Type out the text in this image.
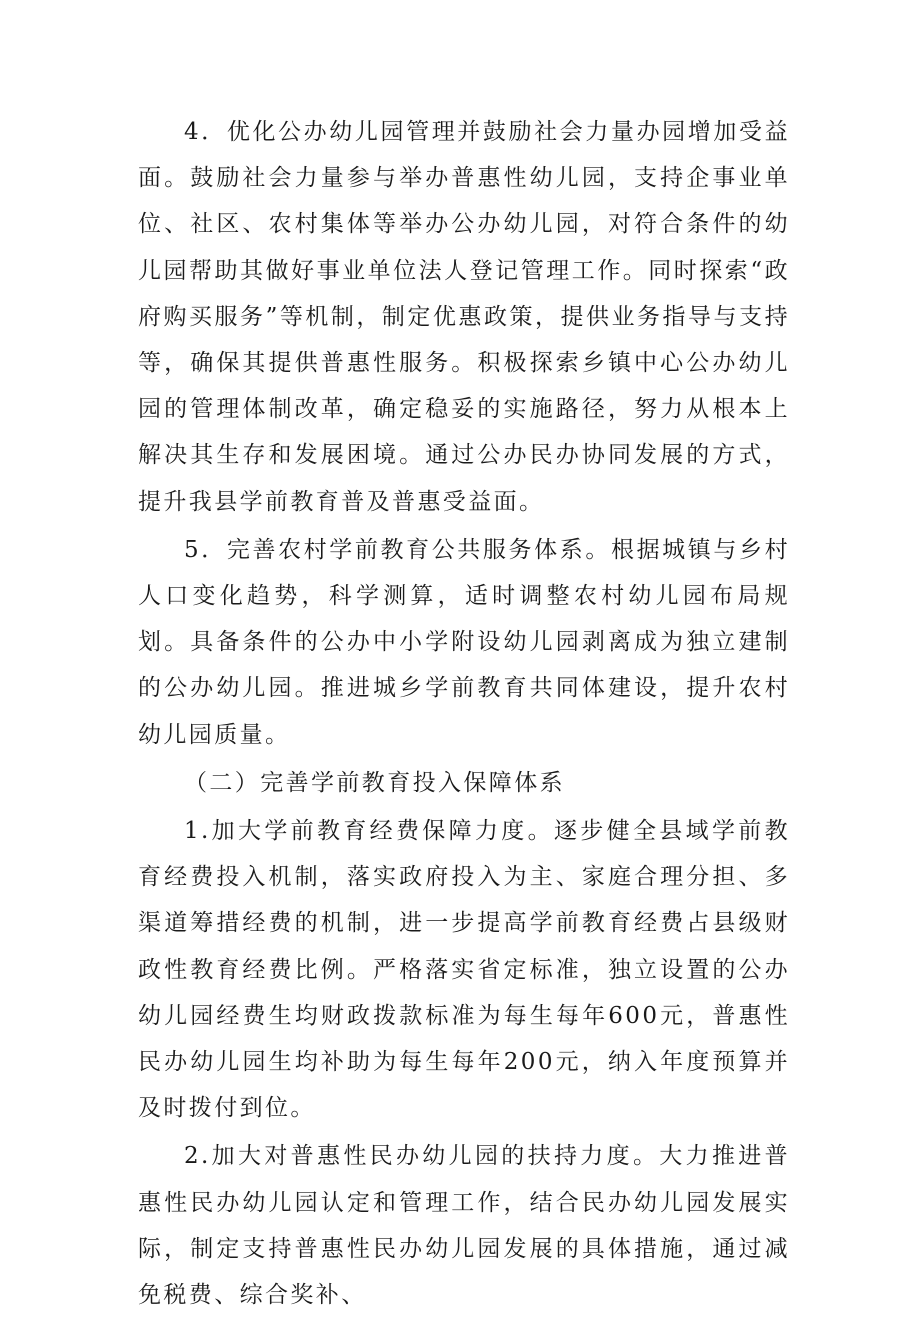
4．优化公办幼儿园管理并鼓励社会力量办园增加受益面。鼓励社会力量参与举办普惠性幼儿园，支持企事业单位、社区、农村集体等举办公办幼儿园，对符合条件的幼儿园帮助其做好事业单位法人登记管理工作。同时探索“政府购买服务”等机制，制定优惠政策，提供业务指导与支持等，确保其提供普惠性服务。积极探索乡镇中心公办幼儿园的管理体制改革，确定稳妥的实施路径，努力从根本上解决其生存和发展困境。通过公办民办协同发展的方式，提升我县学前教育普及普惠受益面。

5．完善农村学前教育公共服务体系。根据城镇与乡村人口变化趋势，科学测算，适时调整农村幼儿园布局规划。具备条件的公办中小学附设幼儿园剥离成为独立建制的公办幼儿园。推进城乡学前教育共同体建设，提升农村幼儿园质量。

（二）完善学前教育投入保障体系

1.加大学前教育经费保障力度。逐步健全县域学前教育经费投入机制，落实政府投入为主、家庭合理分担、多渠道筹措经费的机制，进一步提高学前教育经费占县级财政性教育经费比例。严格落实省定标准，独立设置的公办幼儿园经费生均财政拨款标准为每生每年600元，普惠性民办幼儿园生均补助为每生每年200元，纳入年度预算并及时拨付到位。

2.加大对普惠性民办幼儿园的扶持力度。大力推进普惠性民办幼儿园认定和管理工作，结合民办幼儿园发展实际，制定支持普惠性民办幼儿园发展的具体措施，通过减免税费、综合奖补、
